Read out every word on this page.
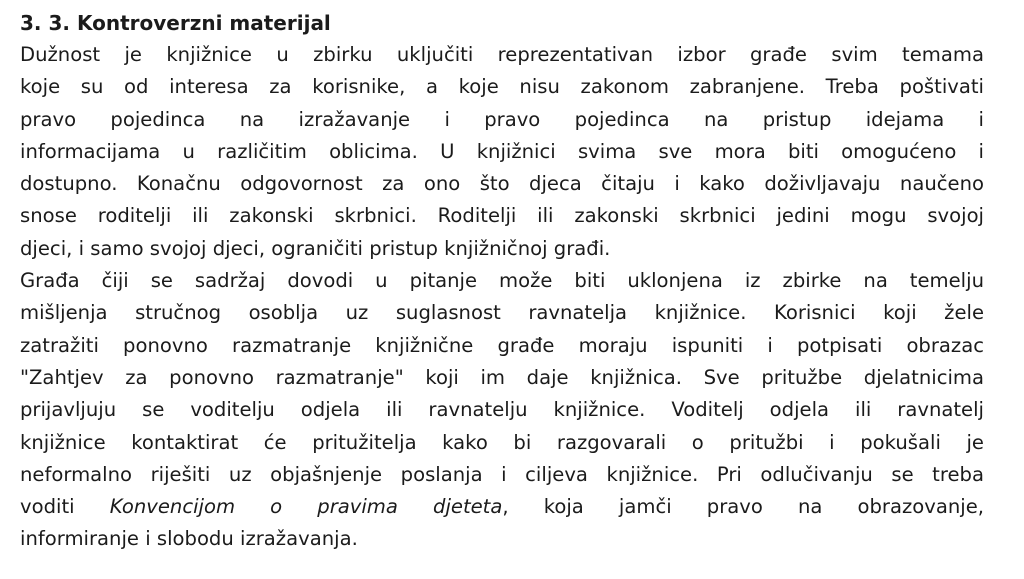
3. 3. Kontroverzni materijal

Dužnost je knjižnice u zbirku uključiti reprezentativan izbor građe svim temama
koje su od interesa za korisnike, a koje nisu zakonom zabranjene. Treba poštivati
pravo pojedinca na izražavanje i pravo pojedinca na pristup idejama i
informacijama u različitim oblicima. U knjižnici svima sve mora biti omogućeno i
dostupno. Konačnu odgovornost za ono što djeca čitaju i kako doživljavaju naučeno
snose roditelji ili zakonski skrbnici. Roditelji ili zakonski skrbnici jedini mogu svojoj
djeci, i samo svojoj djeci, ograničiti pristup knjižničnoj građi.

Građa čiji se sadržaj dovodi u pitanje može biti uklonjena iz zbirke na temelju
mišljenja stručnog osoblja uz suglasnost ravnatelja knjižnice. Korisnici koji žele
zatražiti ponovno razmatranje knjižnične građe moraju ispuniti i potpisati obrazac
"Zahtjev za ponovno razmatranje" koji im daje knjižnica. Sve pritužbe djelatnicima
prijavljuju se voditelju odjela ili ravnatelju knjižnice. Voditelj odjela ili ravnatelj
knjižnice kontaktirat će pritužitelja kako bi razgovarali o pritužbi i pokušali je
neformalno riješiti uz objašnjenje poslanja i ciljeva knjižnice. Pri odlučivanju se treba
voditi Konvencijom o pravima djeteta, koja jamči pravo na obrazovanje,
informiranje i slobodu izražavanja.
